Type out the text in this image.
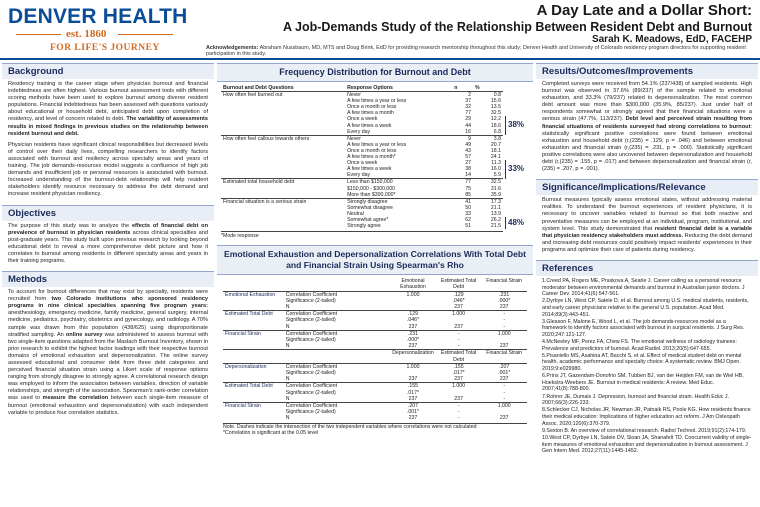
DENVER HEALTH
est. 1860
FOR LIFE'S JOURNEY
A Day Late and a Dollar Short:
A Job-Demands Study of the Relationship Between Resident Debt and Burnout
Sarah K. Meadows, EdD, FACEHP
Acknowledgements: Abraham Nussbaum, MD, MTS and Doug Brink, EdD for providing research mentorship throughout this study; Denver Health and University of Colorado residency program directors for supporting resident participation in this study.
Background
Residency training is the career stage when physician burnout and financial indebtedness are often highest. Various burnout assessment tools with different scoring methods have been used to explore burnout among diverse resident populations. Financial indebtedness has been assessed with questions variously about educational or household debt, anticipated debt upon completion of residency, and level of concern related to debt. The variability of assessments results in mixed findings in previous studies on the relationship between resident burnout and debt.
Physician residents have significant clinical responsibilities but decreased levels of control over their daily lives, compelling researchers to identify factors associated with burnout and resiliency across specialty areas and years of training. The job demands-resources model suggests a confluence of high job demands and insufficient job or personal resources is associated with burnout. Increased understanding of the burnout-debt relationship will help resident stakeholders identify resource necessary to address the debt demand and increase resident physician resiliency.
Objectives
The purpose of this study was to analyze the effects of financial debt on prevalence of burnout in physician residents across clinical specialties and post-graduate years. This study built upon previous research by looking beyond educational debt to reveal a more comprehensive debt picture and how it correlates to burnout among residents in different specialty areas and years in their training programs.
Methods
To account for burnout differences that may exist by specialty, residents were recruited from two Colorado institutions who sponsored residency programs in nine clinical specialties spanning five program years: anesthesiology, emergency medicine, family medicine, general surgery, internal medicine, pediatrics, psychiatry, obstetrics and gynecology, and radiology. A 70% sample was drawn from this population (438/625) using disproportionate stratified sampling. An online survey was administered to assess burnout with two single-item questions adapted from the Maslach Burnout Inventory, shown in prior research to exhibit the highest factor loadings with their respective burnout domains of emotional exhaustion and depersonalization. The online survey assessed educational and consumer debt from three debt categories and perceived financial situation strain using a Likert scale of response options ranging from strongly disagree to strongly agree. A correlational research design was employed to inform the association between variables, direction of variable relationships, and strength of the association. Spearman's rank-order correlation was used to measure the correlation between each single-item measure of burnout (emotional exhaustion and depersonalization) with each independent variable to produce four correlation statistics.
Frequency Distribution for Burnout and Debt
Burnout and Debt Questions	Response Options	n	%
How often feel burned out	Never	2	0.8
	A few times a year or less	37	15.6
	Once a month or less	32	13.5
	A few times a month	77	32.5
	Once a week	29	12.2
	A few times a week	44	18.6
	Every day	16	6.8
How often feel callous towards others	Never	9	3.8
	A few times a year or less	49	20.7
	Once a month or less	43	18.1
	A few times a month*	57	24.1
	Once a week	27	11.3
	A few times a week	38	16.0
	Every day	14	5.9
Estimated total household debt	Less than $150,000	77	32.5
	$150,000 - $300,000	75	31.6
	More than $300,000*	85	35.9
Financial situation is a serious strain	Strongly disagree	41	17.3
	Somewhat disagree	50	21.1
	Neutral	33	13.9
	Somewhat agree*	62	26.2
	Strongly agree	51	21.5
38%
33%
48%
*Mode response
Emotional Exhaustion and Depersonalization Correlations With Total Debt and Financial Strain Using Spearman's Rho
		Emotional Exhaustion	Estimated Total Debt	Financial Strain
Emotional Exhaustion	Correlation Coefficient	1.000	.129	.231
	Significance (2-tailed)		.046*	.000*
	N		237	237
Estimated Total Debt	Correlation Coefficient	.129	1.000	-
	Significance (2-tailed)	.046*		-
	N	237	237	-
Financial Strain	Correlation Coefficient	.231	-	1.000
	Significance (2-tailed)	.000*	-	
	N	237	-	237
		Depersonalization	Estimated Total Debt	Financial Strain
Depersonalization	Correlation Coefficient	1.000	.155	.207
	Significance (2-tailed)		.017*	.001*
	N	237	237	237
Estimated Total Debt	Correlation Coefficient	.155	1.000	-
	Significance (2-tailed)	.017*		-
	N	237	237	-
Financial Strain	Correlation Coefficient	.207	-	1.000
	Significance (2-tailed)	.001*	-	
	N	237	-	237
Note. Dashes indicate the intersection of the two independent variables where correlations were not calculated
*Correlation is significant at the 0.05 level
Results/Outcomes/Improvements
Completed surveys were received from 54.1% (237/438) of sampled residents. High burnout was observed in 37.6% (89/237) of the sample related to emotional exhaustion, and 33.3% (79/237) related to depersonalization. The most common debt amount was more than $300,000 (35.9%, 85/237). Just under half of respondents somewhat or strongly agreed that their financial situations were a serious strain (47.7%, 113/237). Debt level and perceived strain resulting from financial situations of residents surveyed had strong correlations to burnout: statistically significant positive correlations were found between emotional exhaustion and household debt (r,(235) = .129, p = .046) and between emotional exhaustion and financial strain (r,(235) = .231, p = .000). Statistically significant positive correlations were also uncovered between depersonalization and household debt (r,(235) = .155, p = .017) and between depersonalization and financial strain (r,(235) = .207, p = .001).
Significance/Implications/Relevance
Burnout measures typically assess emotional states, without addressing material realities. To understand the burnout experiences of resident physicians, it is necessary to uncover variables related to burnout so that both reactive and preventative measures can be employed at an individual, program, institutional, and system level. This study demonstrated that resident financial debt is a variable that physician residency stakeholders must address. Reducing the debt demand and increasing debt resources could positively impact residents' experiences in their programs and optimize their care of patients during residency.
References
1.Creed PA, Rogers ME, Praskova A, Searle J. Career calling as a personal resource moderator between environmental demands and burnout in Australian junior doctors. J Career Dev. 2014;41(6):547-561.
2.Dyrbye LN, West CP, Satele D, et al. Burnout among U.S. medical students, residents, and early career physicians relative to the general U.S. population. Acad Med. 2014;89(3):443-451.
3.Gleason F, Malone E, Wood L, et al. The job demands-resources model as a framework to identify factors associated with burnout in surgical residents. J Surg Res. 2020;247:121-127.
4.McNeeley MF, Perez FA, Chew FS. The emotional wellness of radiology trainees: Prevalence and predictors of burnout. Acad Radiol. 2013;20(5):647-655.
5.Pisaniello MS, Asahina AT, Bacchi S, et al. Effect of medical student debt on mental health, academic performance and specialty choice: A systematic review. BMJ Open. 2019;9:e029980.
6.Prins JT, Gazendam-Donofrio SM, Tubben BJ, van der Heijden FM, van de Wiel HB, Hoekstra-Weebers JE. Burnout in medical residents: A review. Med Educ. 2007;41(8):788-800.
7.Rohrer JE, Dumais J. Depression, burnout and financial strain. Health Educ J. 2007;66(3):226-233.
8.Schlecker CJ, Nicholas JR, Newman JR, Patnaik RS, Poole KG. How residents finance their medical education: Implications of higher education act reform. J Am Osteopath Assoc. 2020;120(6):370-379.
9.Sexton B. An overview of correlational research. Radiol Technol. 2019;91(2):174-179.
10.West CP, Dyrbye LN, Satele DV, Sloan JA, Shanafelt TD. Concurrent validity of single-item measures of emotional exhaustion and depersonalization in burnout assessment. J Gen Intern Med. 2012;27(11):1445-1452.
